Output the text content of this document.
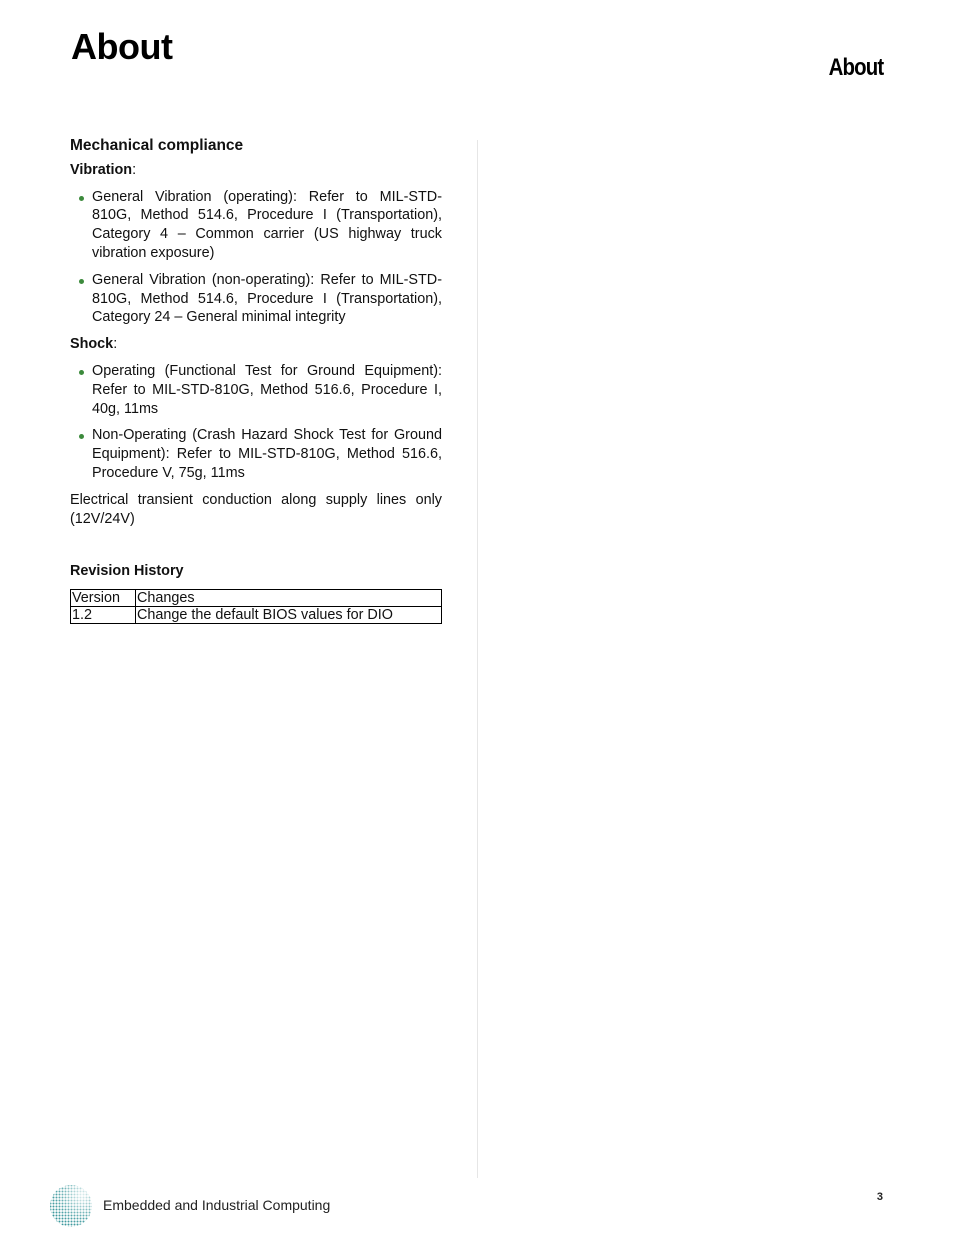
About
About
Mechanical compliance
Vibration:
General Vibration (operating): Refer to MIL-STD-810G, Method 514.6, Procedure I (Transportation), Category 4 – Common carrier (US highway truck vibration exposure)
General Vibration (non-operating): Refer to MIL-STD-810G, Method 514.6, Procedure I (Transportation), Category 24 – General minimal integrity
Shock:
Operating (Functional Test for Ground Equipment): Refer to MIL-STD-810G, Method 516.6, Procedure I, 40g, 11ms
Non-Operating (Crash Hazard Shock Test for Ground Equipment): Refer to MIL-STD-810G, Method 516.6, Procedure V, 75g, 11ms
Electrical transient conduction along supply lines only (12V/24V)
Revision History
Version	Changes
1.2	Change the default BIOS values for DIO
Embedded and Industrial Computing	3
